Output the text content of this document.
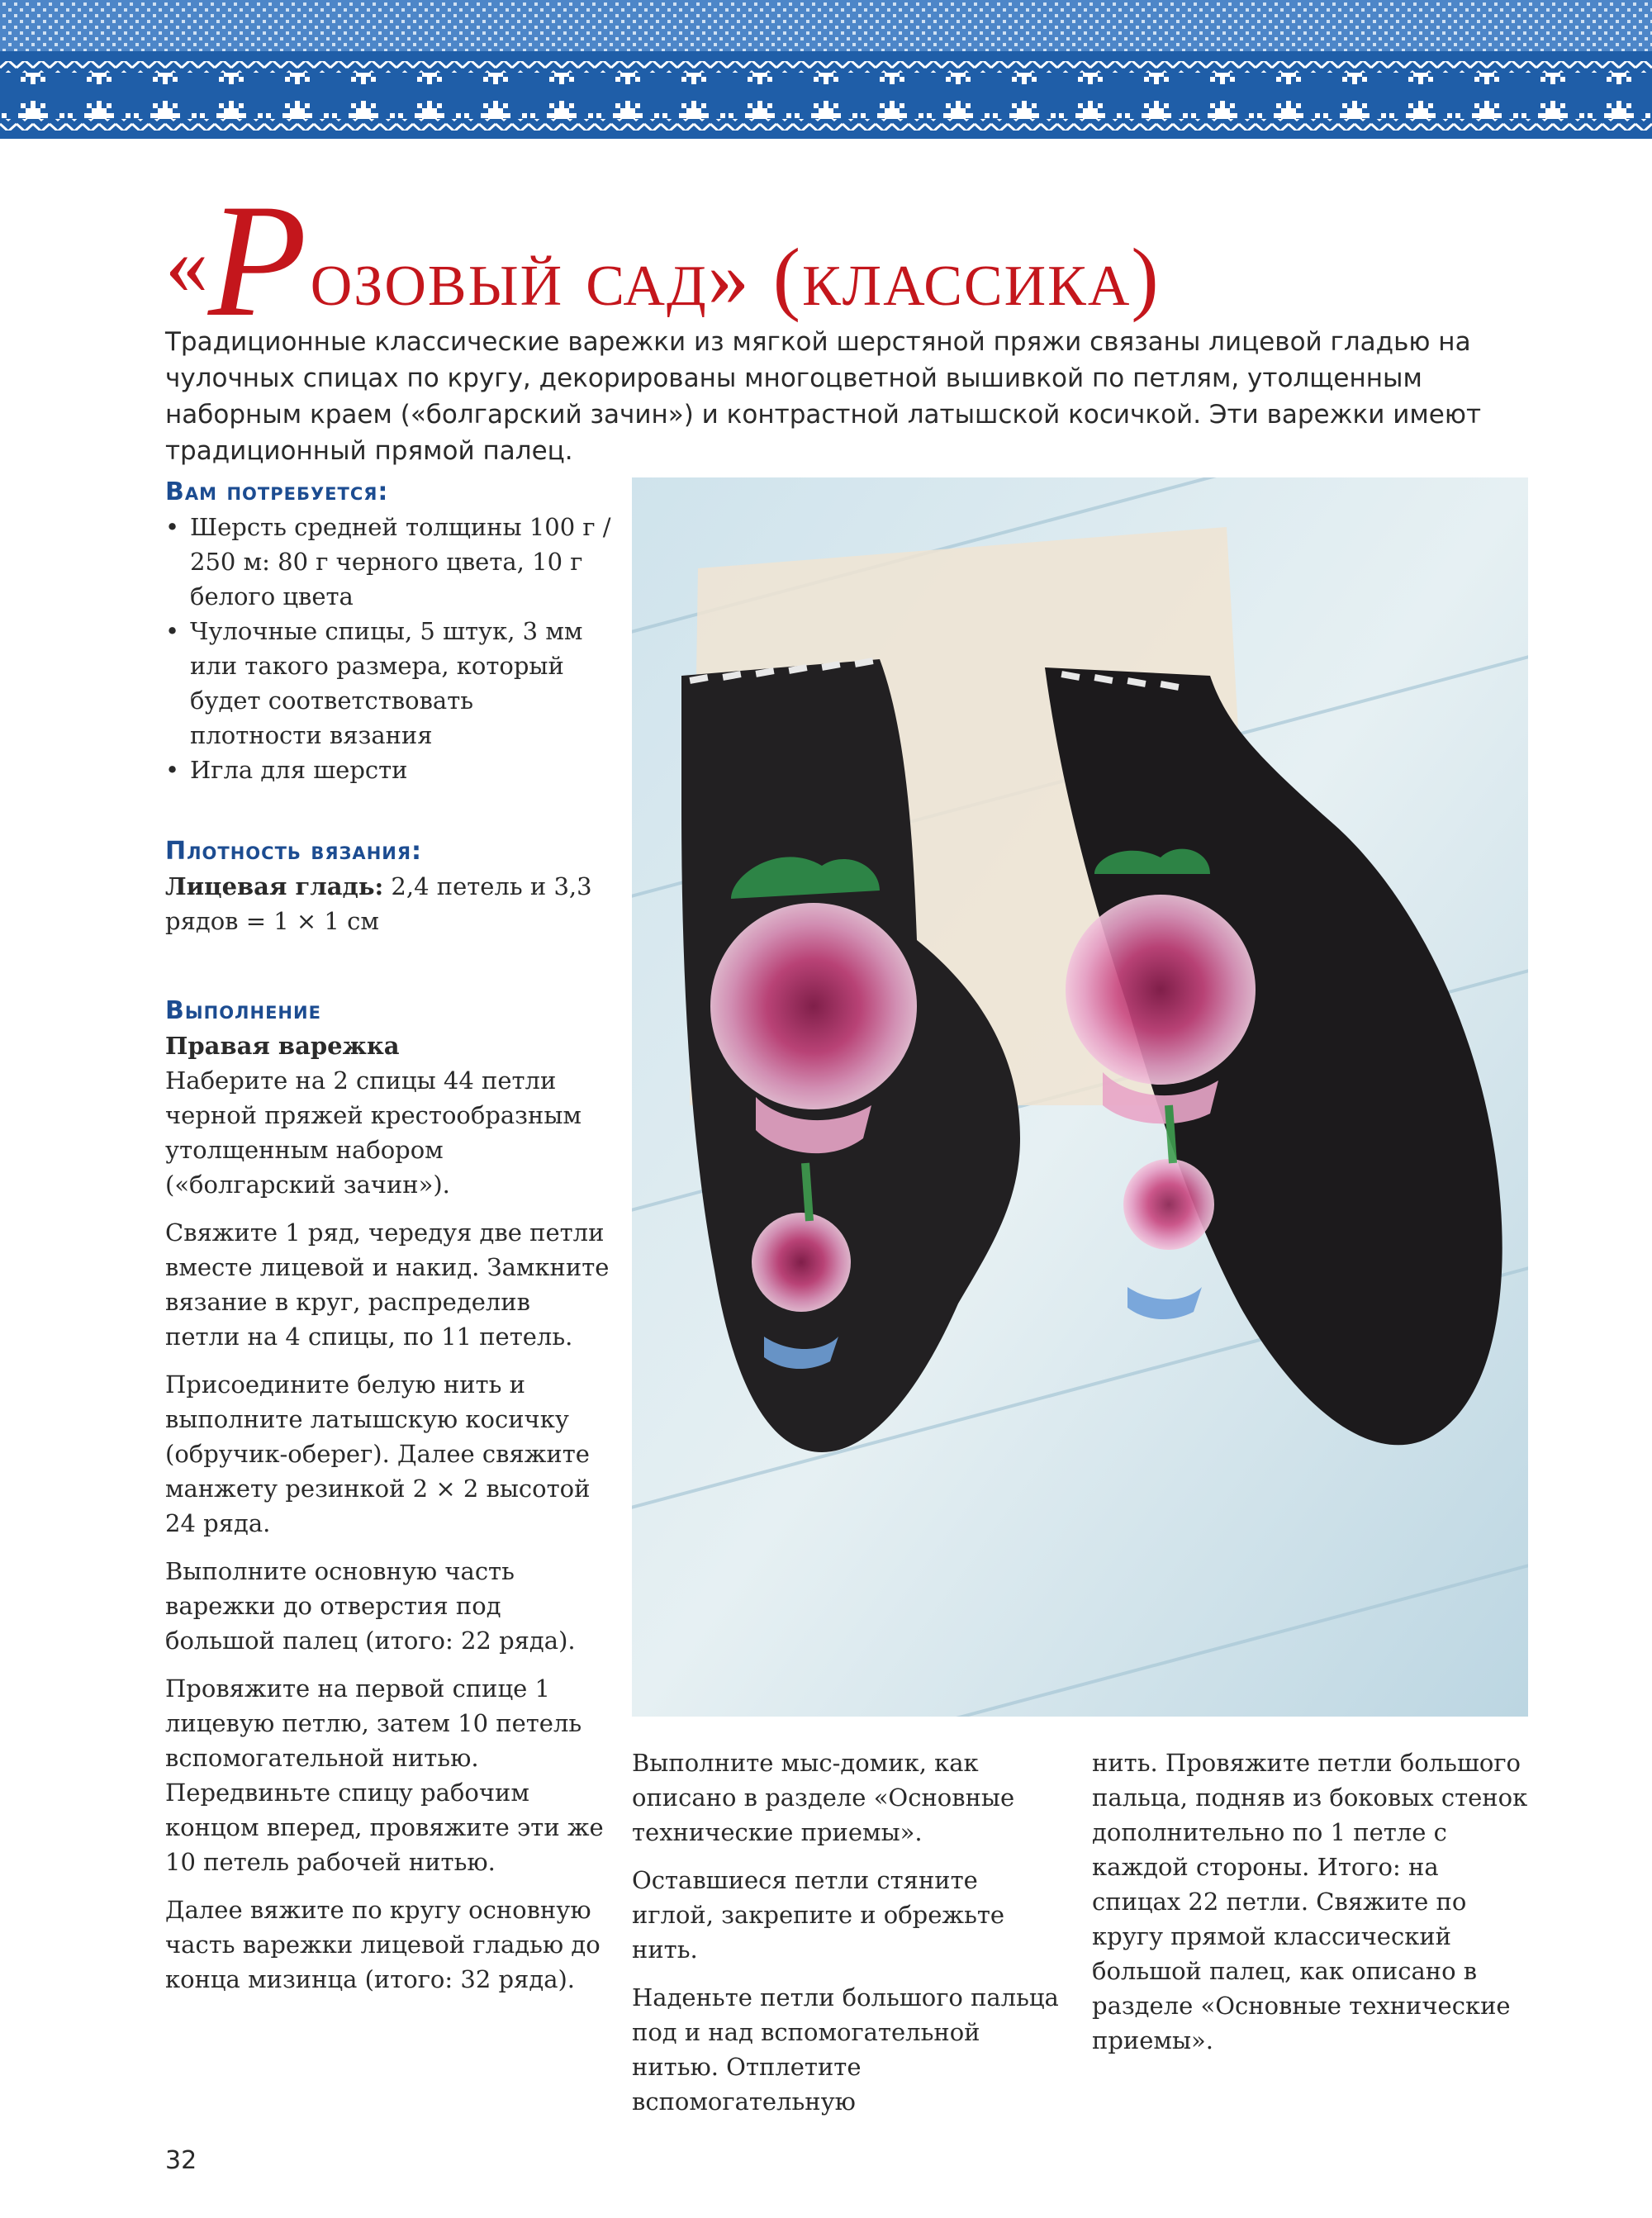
«Розовый сад» (классика)
Традиционные классические варежки из мягкой шерстяной пряжи связаны лицевой гладью на чулочных спицах по кругу, декорированы многоцветной вышивкой по петлям, утолщенным наборным краем («болгарский зачин») и контрастной латышской косичкой. Эти варежки имеют традиционный прямой палец.
Вам потребуется:
• Шерсть средней толщины 100 г / 250 м: 80 г черного цвета, 10 г белого цвета
• Чулочные спицы, 5 штук, 3 мм или такого размера, который будет соответствовать плотности вязания
• Игла для шерсти
Плотность вязания:
Лицевая гладь: 2,4 петель и 3,3 рядов = 1 × 1 см
Выполнение
Правая варежка

Наберите на 2 спицы 44 петли черной пряжей крестообразным утолщенным набором («болгарский зачин»).

Свяжите 1 ряд, чередуя две петли вместе лицевой и накид. Замкните вязание в круг, распределив петли на 4 спицы, по 11 петель.

Присоедините белую нить и выполните латышскую косичку (обручик-оберег). Далее свяжите манжету резинкой 2 × 2 высотой 24 ряда.

Выполните основную часть варежки до отверстия под большой палец (итого: 22 ряда).

Провяжите на первой спице 1 лицевую петлю, затем 10 петель вспомогательной нитью. Передвиньте спицу рабочим концом вперед, провяжите эти же 10 петель рабочей нитью.

Далее вяжите по кругу основную часть варежки лицевой гладью до конца мизинца (итого: 32 ряда).

Выполните мыс-домик, как описано в разделе «Основные технические приемы».

Оставшиеся петли стяните иглой, закрепите и обрежьте нить.

Наденьте петли большого пальца под и над вспомогательной нитью. Отплетите вспомогательную

нить. Провяжите петли большого пальца, подняв из боковых стенок дополнительно по 1 петле с каждой стороны. Итого: на спицах 22 петли. Свяжите по кругу прямой классический большой палец, как описано в разделе «Основные технические приемы».

32
